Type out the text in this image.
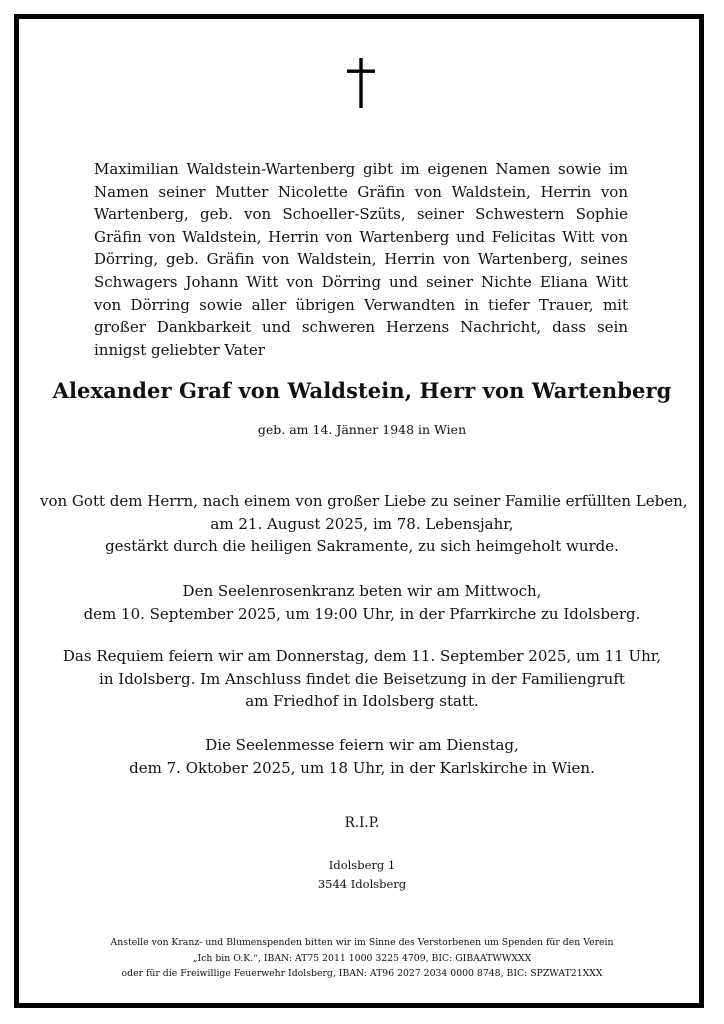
Maximilian Waldstein-Wartenberg gibt im eigenen Namen sowie im Namen seiner Mutter Nicolette Gräfin von Waldstein, Herrin von Wartenberg, geb. von Schoeller-Szüts, seiner Schwestern Sophie Gräfin von Waldstein, Herrin von Wartenberg und Felicitas Witt von Dörring, geb. Gräfin von Waldstein, Herrin von Wartenberg, seines Schwagers Johann Witt von Dörring und seiner Nichte Eliana Witt von Dörring sowie aller übrigen Verwandten in tiefer Trauer, mit großer Dankbarkeit und schweren Herzens Nachricht, dass sein innigst geliebter Vater

Alexander Graf von Waldstein, Herr von Wartenberg
geb. am 14. Jänner 1948 in Wien
von Gott dem Herrn, nach einem von großer Liebe zu seiner Familie erfüllten Leben,
am 21. August 2025, im 78. Lebensjahr,
gestärkt durch die heiligen Sakramente, zu sich heimgeholt wurde.
Den Seelenrosenkranz beten wir am Mittwoch,
dem 10. September 2025, um 19:00 Uhr, in der Pfarrkirche zu Idolsberg.
Das Requiem feiern wir am Donnerstag, dem 11. September 2025, um 11 Uhr,
in Idolsberg. Im Anschluss findet die Beisetzung in der Familiengruft
am Friedhof in Idolsberg statt.
Die Seelenmesse feiern wir am Dienstag,
dem 7. Oktober 2025, um 18 Uhr, in der Karlskirche in Wien.
R.I.P.
Idolsberg 1
3544 Idolsberg
Anstelle von Kranz- und Blumenspenden bitten wir im Sinne des Verstorbenen um Spenden für den Verein
„Ich bin O.K.“, IBAN: AT75 2011 1000 3225 4709, BIC: GIBAATWWXXX
oder für die Freiwillige Feuerwehr Idolsberg, IBAN: AT96 2027 2034 0000 8748, BIC: SPZWAT21XXX
